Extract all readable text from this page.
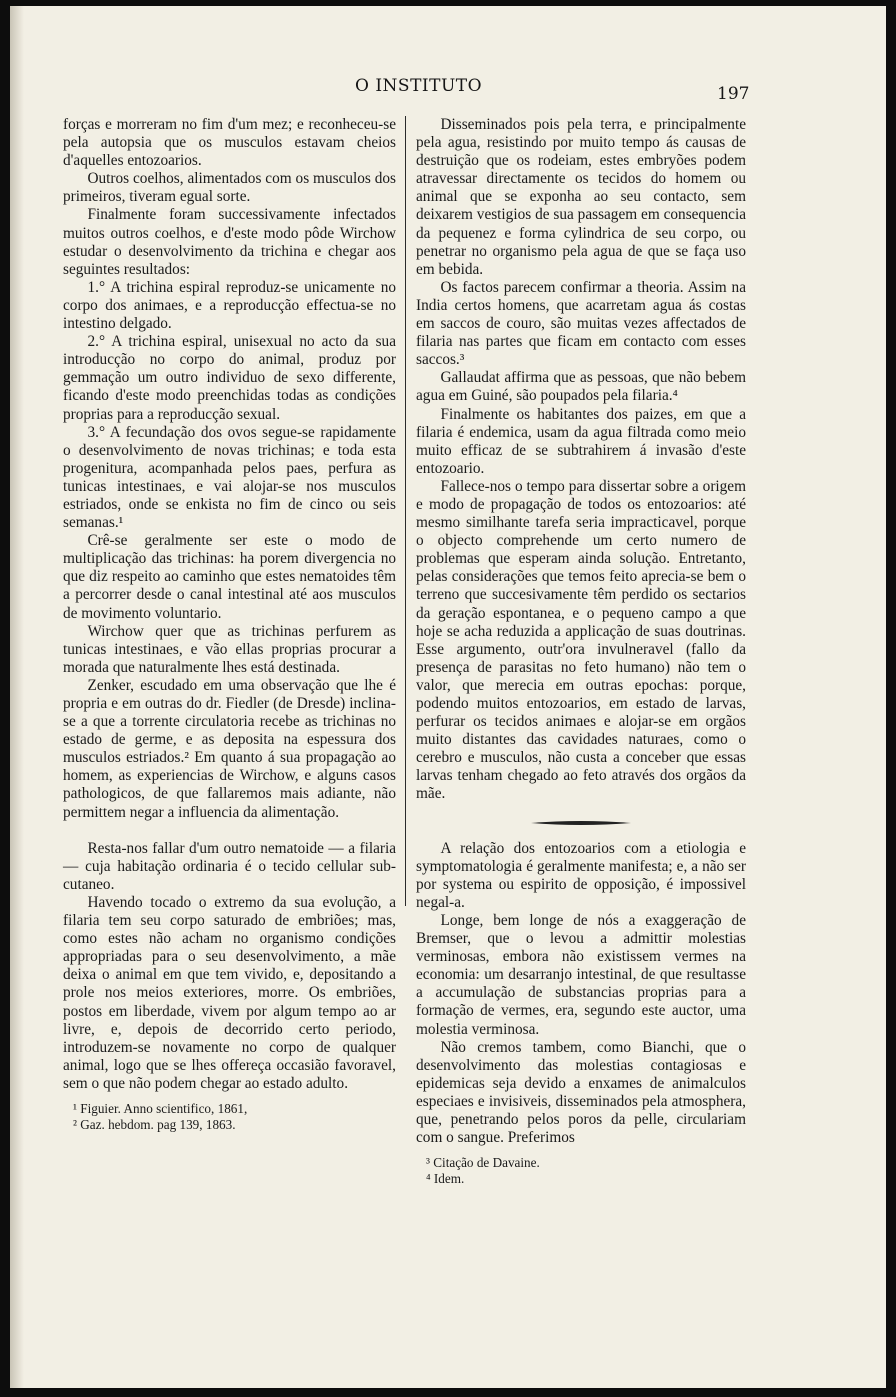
O INSTITUTO	197

forças e morreram no fim d'um mez; e reconheceu-se pela autopsia que os musculos estavam cheios d'aquelles entozoarios.

Outros coelhos, alimentados com os musculos dos primeiros, tiveram egual sorte.

Finalmente foram successivamente infectados muitos outros coelhos, e d'este modo pôde Wirchow estudar o desenvolvimento da trichina e chegar aos seguintes resultados:

1.° A trichina espiral reproduz-se unicamente no corpo dos animaes, e a reproducção effectua-se no intestino delgado.

2.° A trichina espiral, unisexual no acto da sua introducção no corpo do animal, produz por gemmação um outro individuo de sexo differente, ficando d'este modo preenchidas todas as condições proprias para a reproducção sexual.

3.° A fecundação dos ovos segue-se rapidamente o desenvolvimento de novas trichinas; e toda esta progenitura, acompanhada pelos paes, perfura as tunicas intestinaes, e vai alojar-se nos musculos estriados, onde se enkista no fim de cinco ou seis semanas.¹

Crê-se geralmente ser este o modo de multiplicação das trichinas: ha porem divergencia no que diz respeito ao caminho que estes nematoides têm a percorrer desde o canal intestinal até aos musculos de movimento voluntario.

Wirchow quer que as trichinas perfurem as tunicas intestinaes, e vão ellas proprias procurar a morada que naturalmente lhes está destinada.

Zenker, escudado em uma observação que lhe é propria e em outras do dr. Fiedler (de Dresde) inclina-se a que a torrente circulatoria recebe as trichinas no estado de germe, e as deposita na espessura dos musculos estriados.² Em quanto á sua propagação ao homem, as experiencias de Wirchow, e alguns casos pathologicos, de que fallaremos mais adiante, não permittem negar a influencia da alimentação.

Resta-nos fallar d'um outro nematoide — a filaria — cuja habitação ordinaria é o tecido cellular sub-cutaneo.

Havendo tocado o extremo da sua evolução, a filaria tem seu corpo saturado de embriões; mas, como estes não acham no organismo condições appropriadas para o seu desenvolvimento, a mãe deixa o animal em que tem vivido, e, depositando a prole nos meios exteriores, morre. Os embriões, postos em liberdade, vivem por algum tempo ao ar livre, e, depois de decorrido certo periodo, introduzem-se novamente no corpo de qualquer animal, logo que se lhes offereça occasião favoravel, sem o que não podem chegar ao estado adulto.

¹ Figuier. Anno scientifico, 1861,
² Gaz. hebdom. pag 139, 1863.

Disseminados pois pela terra, e principalmente pela agua, resistindo por muito tempo ás causas de destruição que os rodeiam, estes embryões podem atravessar directamente os tecidos do homem ou animal que se exponha ao seu contacto, sem deixarem vestigios de sua passagem em consequencia da pequenez e forma cylindrica de seu corpo, ou penetrar no organismo pela agua de que se faça uso em bebida.

Os factos parecem confirmar a theoria. Assim na India certos homens, que acarretam agua ás costas em saccos de couro, são muitas vezes affectados de filaria nas partes que ficam em contacto com esses saccos.³

Gallaudat affirma que as pessoas, que não bebem agua em Guiné, são poupados pela filaria.⁴

Finalmente os habitantes dos paizes, em que a filaria é endemica, usam da agua filtrada como meio muito efficaz de se subtrahirem á invasão d'este entozoario.

Fallece-nos o tempo para dissertar sobre a origem e modo de propagação de todos os entozoarios: até mesmo similhante tarefa seria impracticavel, porque o objecto comprehende um certo numero de problemas que esperam ainda solução. Entretanto, pelas considerações que temos feito aprecia-se bem o terreno que succesivamente têm perdido os sectarios da geração espontanea, e o pequeno campo a que hoje se acha reduzida a applicação de suas doutrinas. Esse argumento, outr'ora invulneravel (fallo da presença de parasitas no feto humano) não tem o valor, que merecia em outras epochas: porque, podendo muitos entozoarios, em estado de larvas, perfurar os tecidos animaes e alojar-se em orgãos muito distantes das cavidades naturaes, como o cerebro e musculos, não custa a conceber que essas larvas tenham chegado ao feto através dos orgãos da mãe.

A relação dos entozoarios com a etiologia e symptomatologia é geralmente manifesta; e, a não ser por systema ou espirito de opposição, é impossivel negal-a.

Longe, bem longe de nós a exaggeração de Bremser, que o levou a admittir molestias verminosas, embora não existissem vermes na economia: um desarranjo intestinal, de que resultasse a accumulação de substancias proprias para a formação de vermes, era, segundo este auctor, uma molestia verminosa.

Não cremos tambem, como Bianchi, que o desenvolvimento das molestias contagiosas e epidemicas seja devido a enxames de animalculos especiaes e invisiveis, disseminados pela atmosphera, que, penetrando pelos poros da pelle, circulariam com o sangue. Preferimos

³ Citação de Davaine.
⁴ Idem.
